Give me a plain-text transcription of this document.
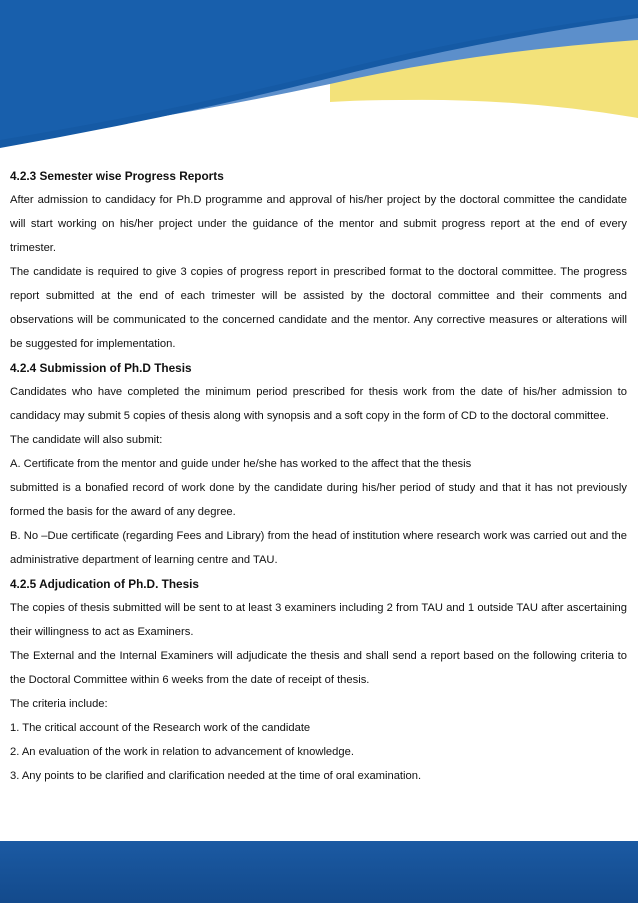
4.2.3 Semester wise Progress Reports

After admission to candidacy for Ph.D programme and approval of his/her project by the doctoral committee the candidate will start working on his/her project under the guidance of the mentor and submit progress report at the end of every trimester.

The candidate is required to give 3 copies of progress report in prescribed format to the doctoral committee. The progress report submitted at the end of each trimester will be assisted by the doctoral committee and their comments and observations will be communicated to the concerned candidate and the mentor. Any corrective measures or alterations will be suggested for implementation.

4.2.4 Submission of Ph.D Thesis

Candidates who have completed the minimum period prescribed for thesis work from the date of his/her admission to candidacy may submit 5 copies of thesis along with synopsis and a soft copy in the form of CD to the doctoral committee.

The candidate will also submit:

A. Certificate from the mentor and guide under he/she has worked to the affect that the thesis

submitted is a bonafied record of work done by the candidate during his/her period of study and that it has not previously formed the basis for the award of any degree.

B. No –Due certificate (regarding Fees and Library) from the head of institution where research work was carried out and the administrative department of learning centre and TAU.

4.2.5 Adjudication of Ph.D. Thesis

The copies of thesis submitted will be sent to at least 3 examiners including 2 from TAU and 1 outside TAU after ascertaining their willingness to act as Examiners.

The External and the Internal Examiners will adjudicate the thesis and shall send a report based on the following criteria to the Doctoral Committee within 6 weeks from the date of receipt of thesis.

The criteria include:

1. The critical account of the Research work of the candidate

2. An evaluation of the work in relation to advancement of knowledge.

3. Any points to be clarified and clarification needed at the time of oral examination.
